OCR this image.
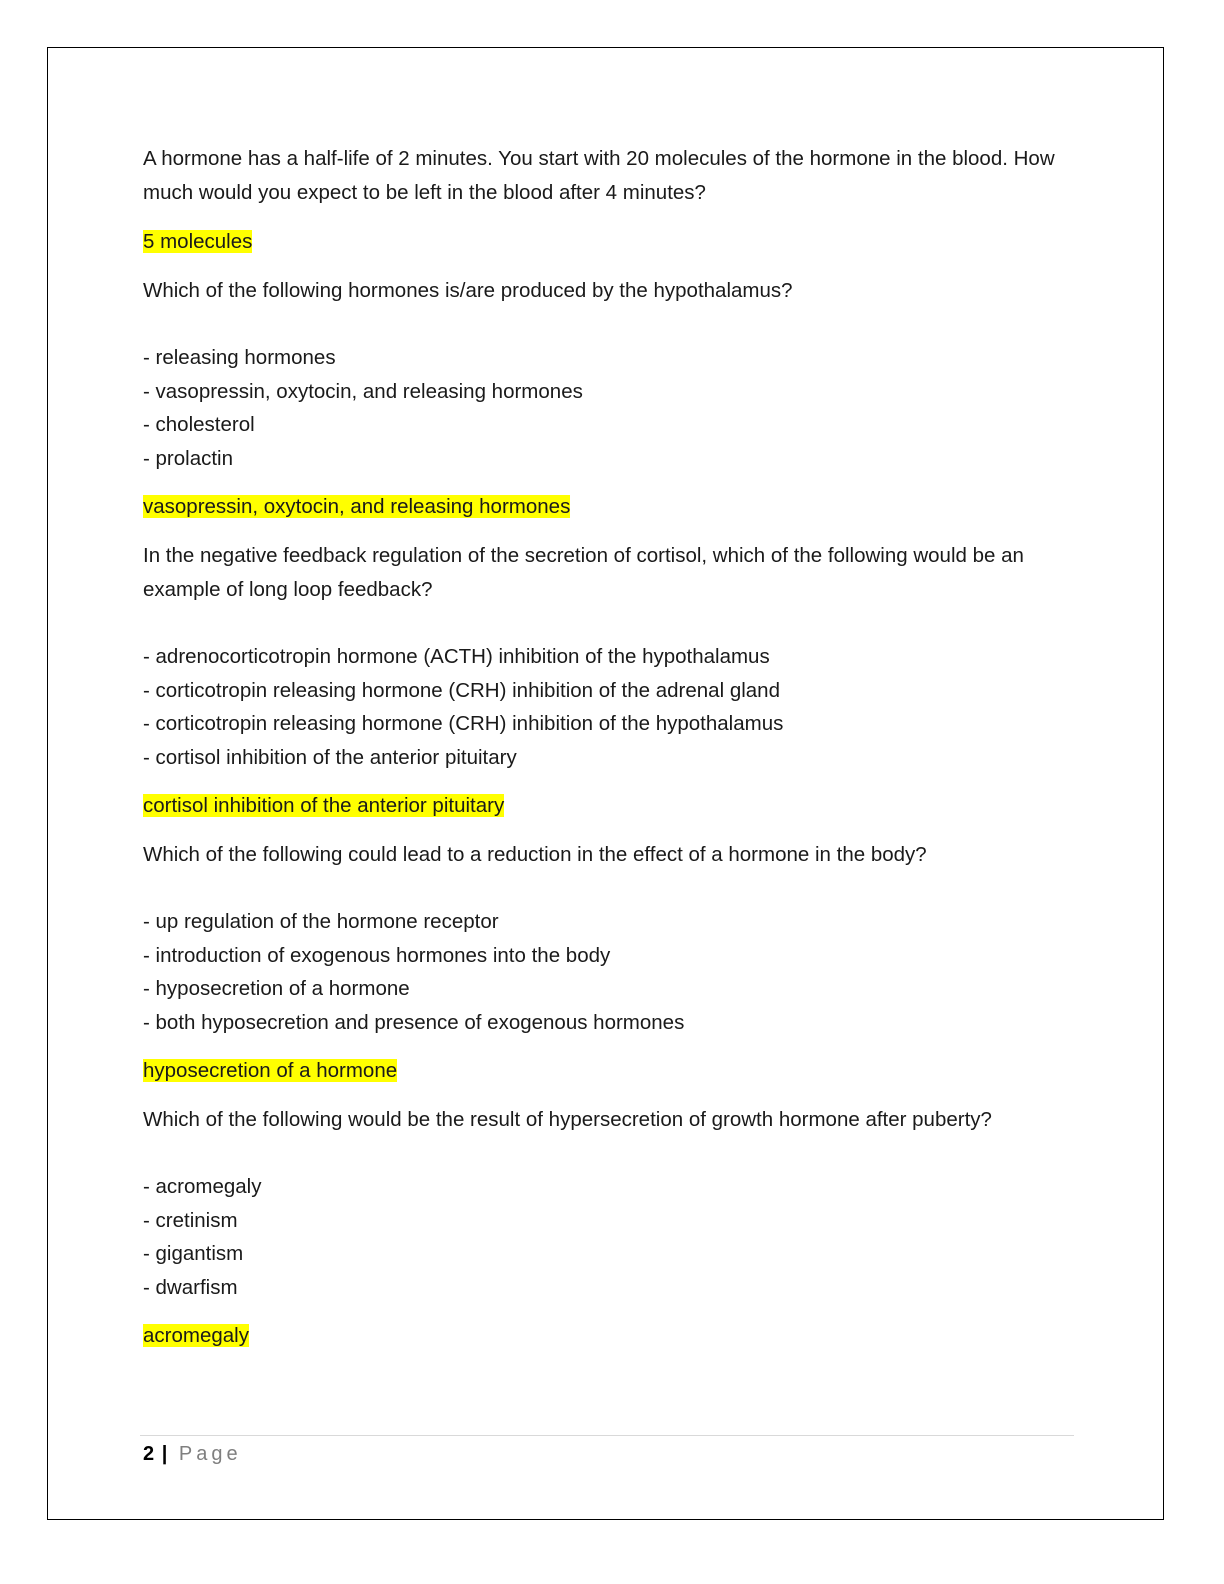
A hormone has a half-life of 2 minutes. You start with 20 molecules of the hormone in the blood. How much would you expect to be left in the blood after 4 minutes?

5 molecules

Which of the following hormones is/are produced by the hypothalamus?

- releasing hormones
- vasopressin, oxytocin, and releasing hormones
- cholesterol
- prolactin

vasopressin, oxytocin, and releasing hormones

In the negative feedback regulation of the secretion of cortisol, which of the following would be an example of long loop feedback?

- adrenocorticotropin hormone (ACTH) inhibition of the hypothalamus
- corticotropin releasing hormone (CRH) inhibition of the adrenal gland
- corticotropin releasing hormone (CRH) inhibition of the hypothalamus
- cortisol inhibition of the anterior pituitary

cortisol inhibition of the anterior pituitary

Which of the following could lead to a reduction in the effect of a hormone in the body?

- up regulation of the hormone receptor
- introduction of exogenous hormones into the body
- hyposecretion of a hormone
- both hyposecretion and presence of exogenous hormones

hyposecretion of a hormone

Which of the following would be the result of hypersecretion of growth hormone after puberty?

- acromegaly
- cretinism
- gigantism
- dwarfism

acromegaly

2 | Page
